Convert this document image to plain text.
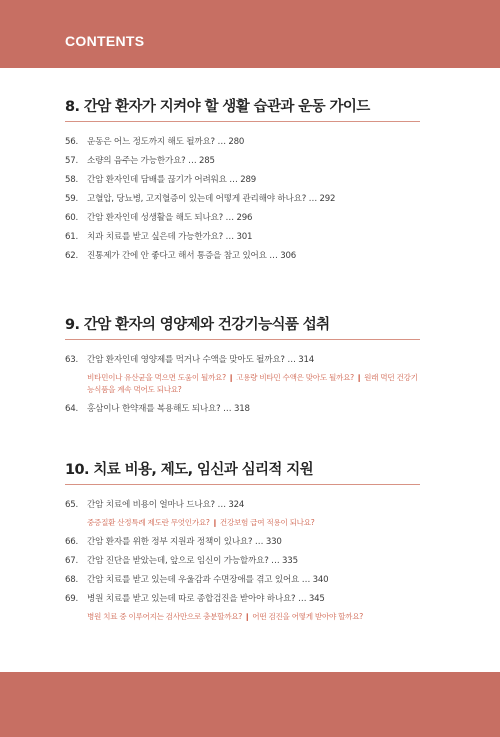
CONTENTS
8. 간암 환자가 지켜야 할 생활 습관과 운동 가이드
56. 운동은 어느 정도까지 해도 될까요? … 280
57. 소량의 음주는 가능한가요? … 285
58. 간암 환자인데 담배를 끊기가 어려워요 … 289
59. 고혈압, 당뇨병, 고지혈증이 있는데 어떻게 관리해야 하나요? … 292
60. 간암 환자인데 성생활을 해도 되나요? … 296
61. 치과 치료를 받고 싶은데 가능한가요? … 301
62. 진통제가 간에 안 좋다고 해서 통증을 참고 있어요 … 306
9. 간암 환자의 영양제와 건강기능식품 섭취
63. 간암 환자인데 영양제를 먹거나 수액을 맞아도 될까요? … 314
비타민이나 유산균을 먹으면 도움이 될까요? ❙ 고용량 비타민 수액은 맞아도 될까요? ❙ 원래 먹던 건강기능식품을 계속 먹어도 되나요?
64. 홍삼이나 한약재를 복용해도 되나요? … 318
10. 치료 비용, 제도, 임신과 심리적 지원
65. 간암 치료에 비용이 얼마나 드나요? … 324
중증질환 산정특례 제도란 무엇인가요? ❙ 건강보험 급여 적용이 되나요?
66. 간암 환자를 위한 정부 지원과 정책이 있나요? … 330
67. 간암 진단을 받았는데, 앞으로 임신이 가능할까요? … 335
68. 간암 치료를 받고 있는데 우울감과 수면장애를 겪고 있어요 … 340
69. 병원 치료를 받고 있는데 따로 종합검진을 받아야 하나요? … 345
병원 치료 중 이루어지는 검사만으로 충분할까요? ❙ 어떤 검진을 어떻게 받아야 할까요?
